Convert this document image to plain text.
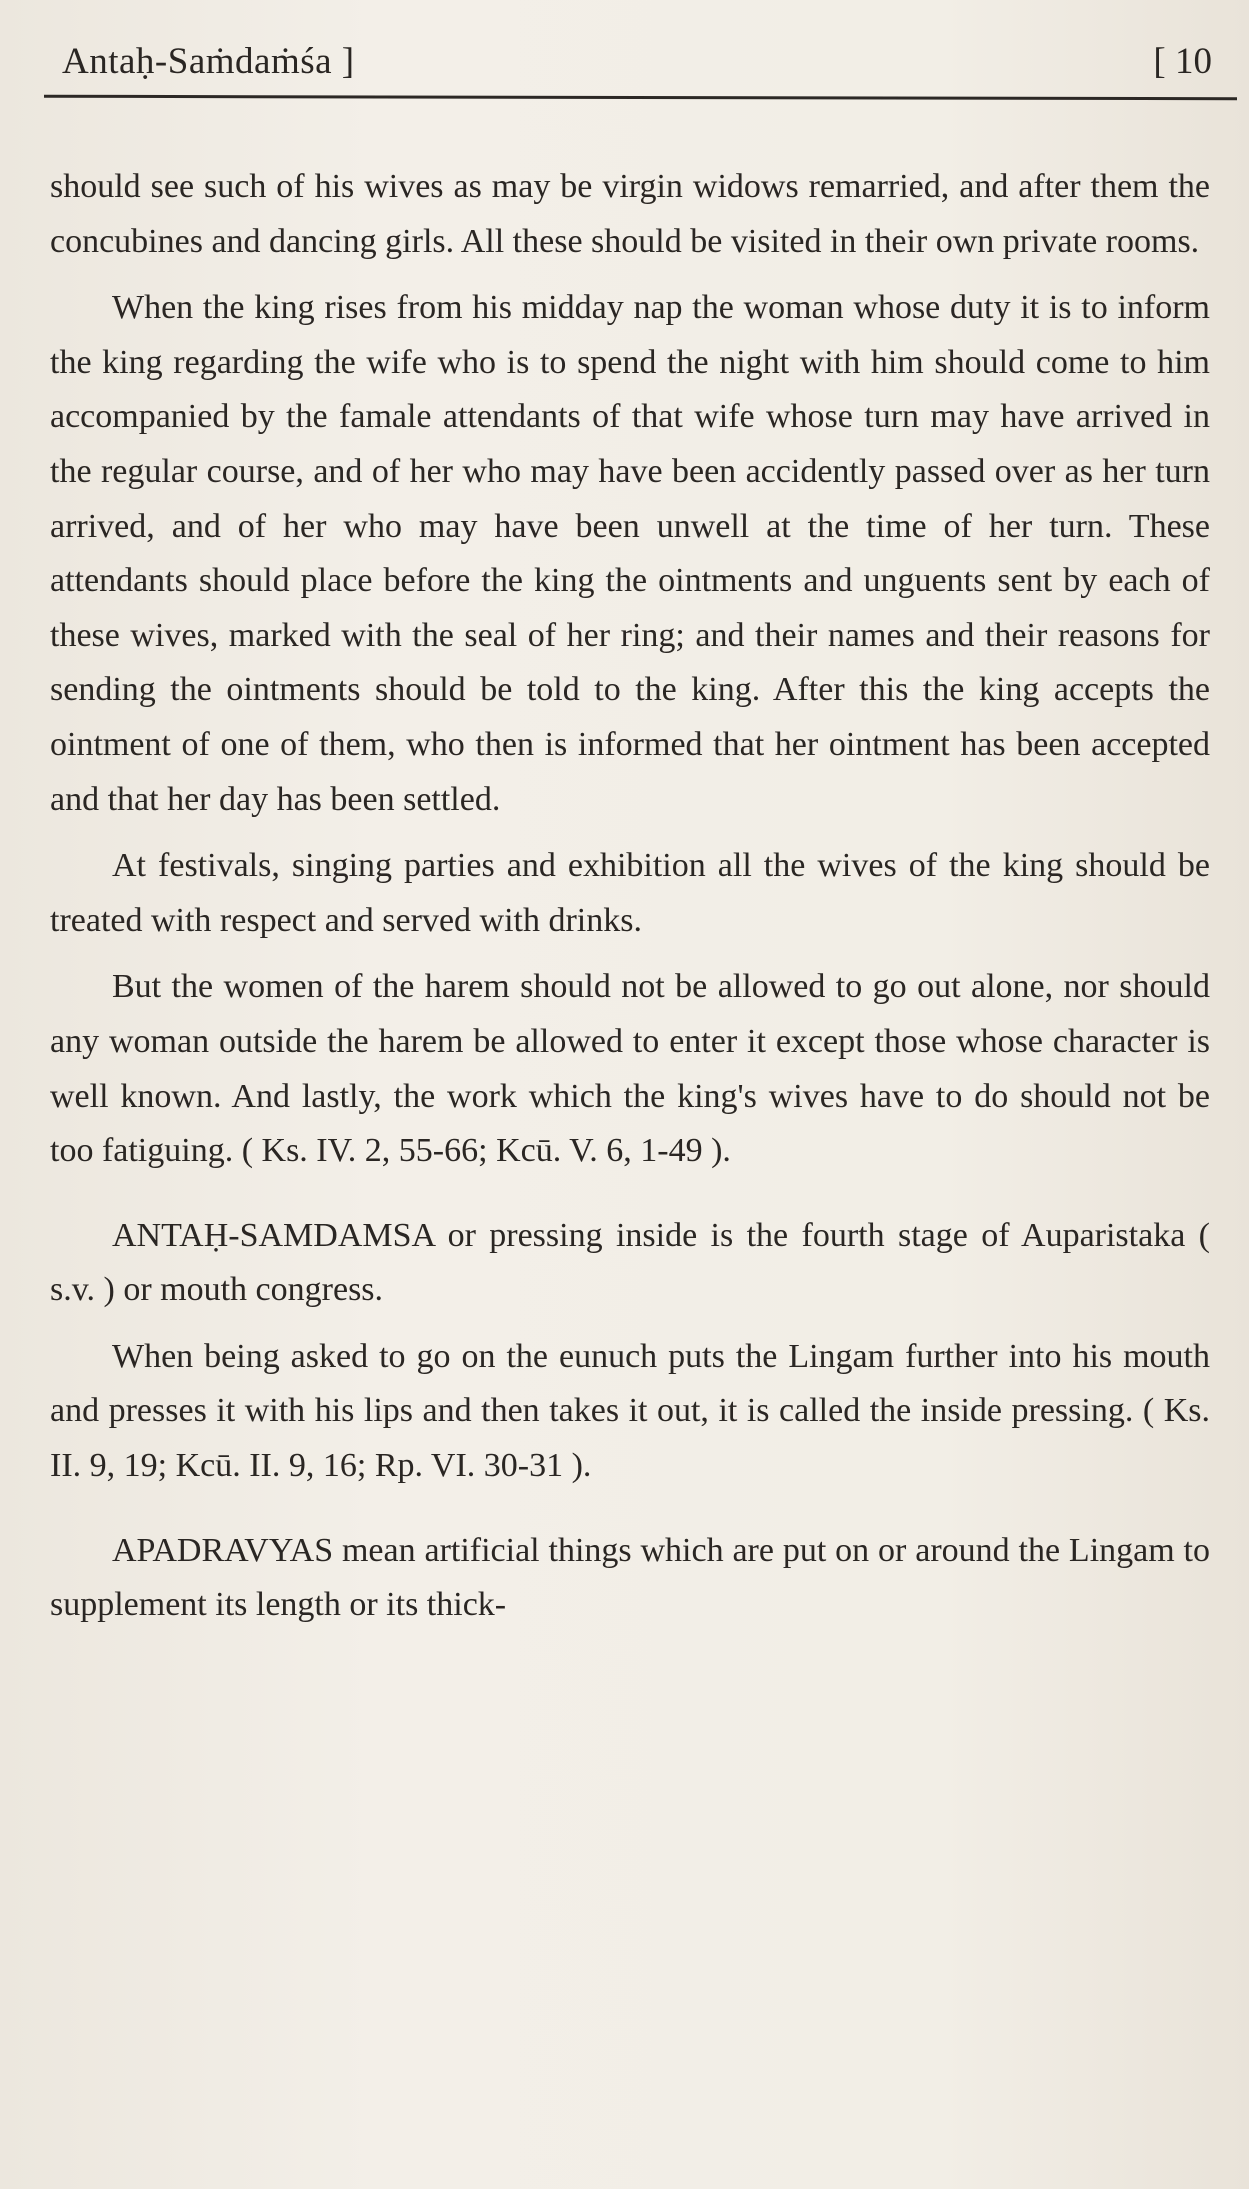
Antaḥ-Saṁdaṁśa ]	[ 10

should see such of his wives as may be virgin widows remarried, and after them the concubines and dancing girls. All these should be visited in their own private rooms.

When the king rises from his midday nap the woman whose duty it is to inform the king regarding the wife who is to spend the night with him should come to him accompanied by the famale attendants of that wife whose turn may have arrived in the regular course, and of her who may have been accidently passed over as her turn arrived, and of her who may have been unwell at the time of her turn. These attendants should place before the king the ointments and unguents sent by each of these wives, marked with the seal of her ring; and their names and their reasons for sending the ointments should be told to the king. After this the king accepts the ointment of one of them, who then is informed that her ointment has been accepted and that her day has been settled.

At festivals, singing parties and exhibition all the wives of the king should be treated with respect and served with drinks.

But the women of the harem should not be allowed to go out alone, nor should any woman outside the harem be allowed to enter it except those whose character is well known. And lastly, the work which the king's wives have to do should not be too fatiguing. ( Ks. IV. 2, 55-66; Kcū. V. 6, 1-49 ).

ANTAḤ-SAMDAMSA or pressing inside is the fourth stage of Auparistaka ( s.v. ) or mouth congress.

When being asked to go on the eunuch puts the Lingam further into his mouth and presses it with his lips and then takes it out, it is called the inside pressing. ( Ks. II. 9, 19; Kcū. II. 9, 16; Rp. VI. 30-31 ).

APADRAVYAS mean artificial things which are put on or around the Lingam to supplement its length or its thick-
